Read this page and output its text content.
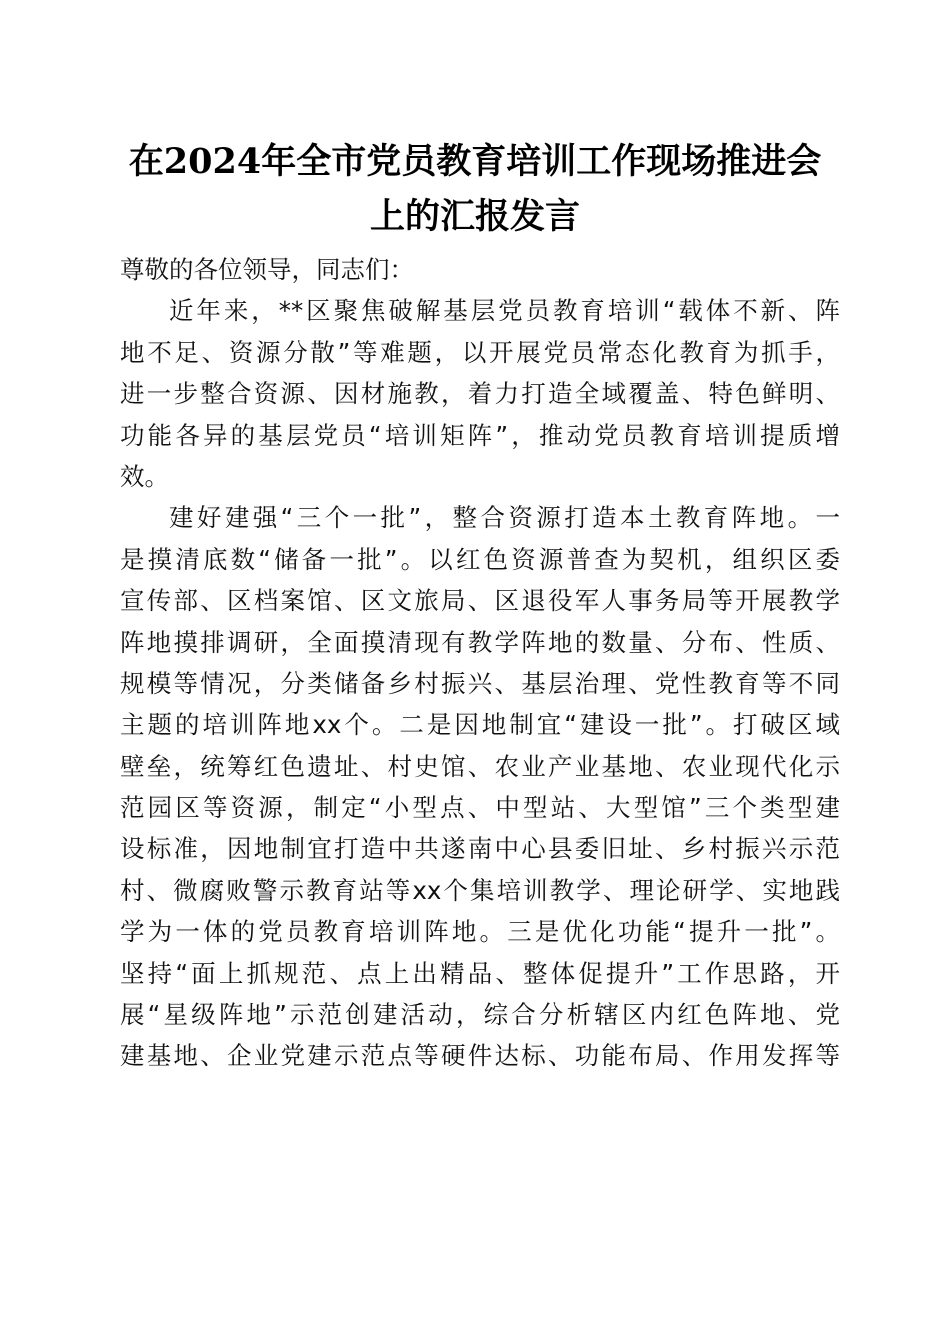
在2024年全市党员教育培训工作现场推进会
上的汇报发言
尊敬的各位领导，同志们：
近年来，**区聚焦破解基层党员教育培训“载体不新、阵
地不足、资源分散”等难题，以开展党员常态化教育为抓手，
进一步整合资源、因材施教，着力打造全域覆盖、特色鲜明、
功能各异的基层党员“培训矩阵”，推动党员教育培训提质增
效。
建好建强“三个一批”，整合资源打造本土教育阵地。一
是摸清底数“储备一批”。以红色资源普查为契机，组织区委
宣传部、区档案馆、区文旅局、区退役军人事务局等开展教学
阵地摸排调研，全面摸清现有教学阵地的数量、分布、性质、
规模等情况，分类储备乡村振兴、基层治理、党性教育等不同
主题的培训阵地xx个。二是因地制宜“建设一批”。打破区域
壁垒，统筹红色遗址、村史馆、农业产业基地、农业现代化示
范园区等资源，制定“小型点、中型站、大型馆”三个类型建
设标准，因地制宜打造中共遂南中心县委旧址、乡村振兴示范
村、微腐败警示教育站等xx个集培训教学、理论研学、实地践
学为一体的党员教育培训阵地。三是优化功能“提升一批”。
坚持“面上抓规范、点上出精品、整体促提升”工作思路，开
展“星级阵地”示范创建活动，综合分析辖区内红色阵地、党
建基地、企业党建示范点等硬件达标、功能布局、作用发挥等
